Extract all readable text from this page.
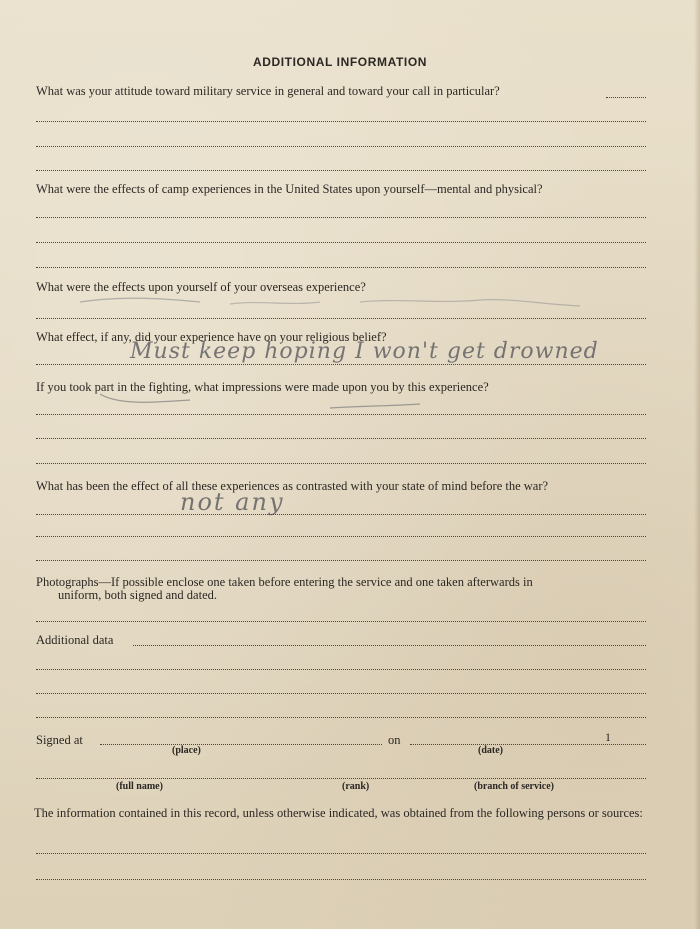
ADDITIONAL INFORMATION
What was your attitude toward military service in general and toward your call in particular?
What were the effects of camp experiences in the United States upon yourself—mental and physical?
What were the effects upon yourself of your overseas experience?
What effect, if any, did your experience have on your religious belief?
Must keep hoping I won't get drowned
If you took part in the fighting, what impressions were made upon you by this experience?
What has been the effect of all these experiences as contrasted with your state of mind before the war?
not any
Photographs—If possible enclose one taken before entering the service and one taken afterwards in
uniform, both signed and dated.
Additional data
Signed at	on	1
(place)	(date)
(full name)	(rank)	(branch of service)
The information contained in this record, unless otherwise indicated, was obtained from the following persons or sources:
